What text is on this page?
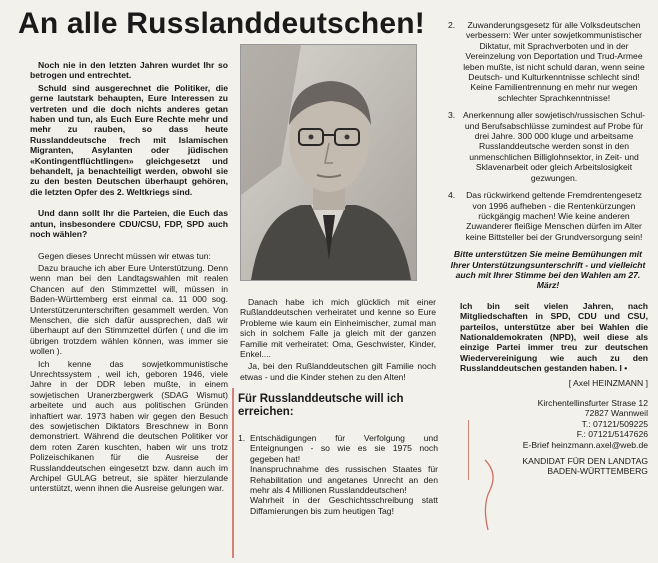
An alle Russlanddeutschen!

Noch nie in den letzten Jahren wurdet Ihr so betrogen und entrechtet.

Schuld sind ausgerechnet die Politiker, die gerne lautstark behaupten, Eure Interessen zu vertreten und die doch nichts anderes getan haben und tun, als Euch Eure Rechte mehr und mehr zu rauben, so dass heute Russlanddeutsche frech mit Islamischen Migranten, Asylanten oder jüdischen «Kontingentflüchtlingen» gleichgesetzt und behandelt, ja benachteiligt werden, obwohl sie zu den besten Deutschen überhaupt gehören, die letzten Opfer des 2. Weltkriegs sind.

Und dann sollt Ihr die Parteien, die Euch das antun, insbesondere CDU/CSU, FDP, SPD auch noch wählen?

Gegen dieses Unrecht müssen wir etwas tun:

Dazu brauche ich aber Eure Unterstützung. Denn wenn man bei den Landtagswahlen mit realen Chancen auf den Stimmzettel will, müssen in Baden-Württemberg erst einmal ca. 11 000 sog. Unterstützerunterschriften gesammelt werden. Von Menschen, die sich dafür aussprechen, daß wir überhaupt auf den Stimmzettel dürfen ( und die im übrigen trotzdem wählen können, was immer sie wollen ).

Ich kenne das sowjetkommunistische Unrechtssystem , weil ich, geboren 1946, viele Jahre in der DDR leben mußte, in einem sowjetischen Uranerzbergwerk (SDAG Wismut) arbeitete und auch aus politischen Gründen inhaftiert war. 1973 haben wir gegen den Besuch des sowjetischen Diktators Breschnew in Bonn demonstriert. Während die deutschen Politiker vor dem roten Zaren kuschten, haben wir uns trotz Polizeischikanen für die Ausreise der Russlanddeutschen eingesetzt bzw. dann auch im Archipel GULAG betreut, sie später hierzulande unterstützt, wenn ihnen die Ausreise gelungen war.

Danach habe ich mich glücklich mit einer Rußlanddeutschen verheiratet und kenne so Eure Probleme wie kaum ein Einheimischer, zumal man sich in solchem Falle ja gleich mit der ganzen Familie mit verheiratet: Oma, Geschwister, Kinder, Enkel....

Ja, bei den Rußlanddeutschen gilt Familie noch etwas - und die Kinder stehen zu den Alten!

Für Russlanddeutsche will ich erreichen:
1. Entschädigungen für Verfolgung und Enteignungen - so wie es sie 1975 noch gegeben hat!
Inanspruchnahme des russischen Staates für Rehabilitation und angetanes Unrecht an den mehr als 4 Millionen Russlanddeutschen!
Wahrheit in der Geschichtsschreibung statt Diffamierungen bis zum heutigen Tag!
2.	Zuwanderungsgesetz für alle Volksdeutschen verbessern: Wer unter sowjetkommunistischer Diktatur, mit Sprachverboten und in der Vereinzelung von Deportation und Trud-Armee leben mußte, ist nicht schuld daran, wenn seine Deutsch- und Kulturkenntnisse schlecht sind!
Keine Familientrennung en mehr nur wegen schlechter Sprachkenntnisse!
3. Anerkennung aller sowjetisch/russischen Schul- und Berufsabschlüsse zumindest auf Probe für drei Jahre. 300 000 kluge und arbeitsame Russlanddeutsche werden sonst in den unmenschlichen Billiglohnsektor, in Zeit- und Sklavenarbeit oder gleich Arbeitslosigkeit gezwungen.
4.	Das rückwirkend geltende Fremdrentengesetz von 1996 aufheben - die Rentenkürzungen rückgängig machen! Wie keine anderen Zuwanderer fleißige Menschen dürfen im Alter keine Bittsteller bei der Grundversorgung sein!
Bitte unterstützen Sie meine Bemühungen mit Ihrer Unterstützungsunterschrift - und vielleicht auch mit Ihrer Stimme bei den Wahlen am 27. März!
Ich bin seit vielen Jahren, nach Mitgliedschaften in SPD, CDU und CSU, parteilos, unterstütze aber bei Wahlen die Nationaldemokraten (NPD), weil diese als einzige Partei immer treu zur deutschen Wiedervereinigung wie auch zu den Russlanddeutschen gestanden haben. I •
[ Axel HEINZMANN ]
Kirchentellinsfurter Strase 12
72827 Wannweil
T.: 07121/509225
F.: 07121/5147626
E-Brief heinzmann.axel@web.de
KANDIDAT FÜR DEN LANDTAG
BADEN-WÜRTTEMBERG
